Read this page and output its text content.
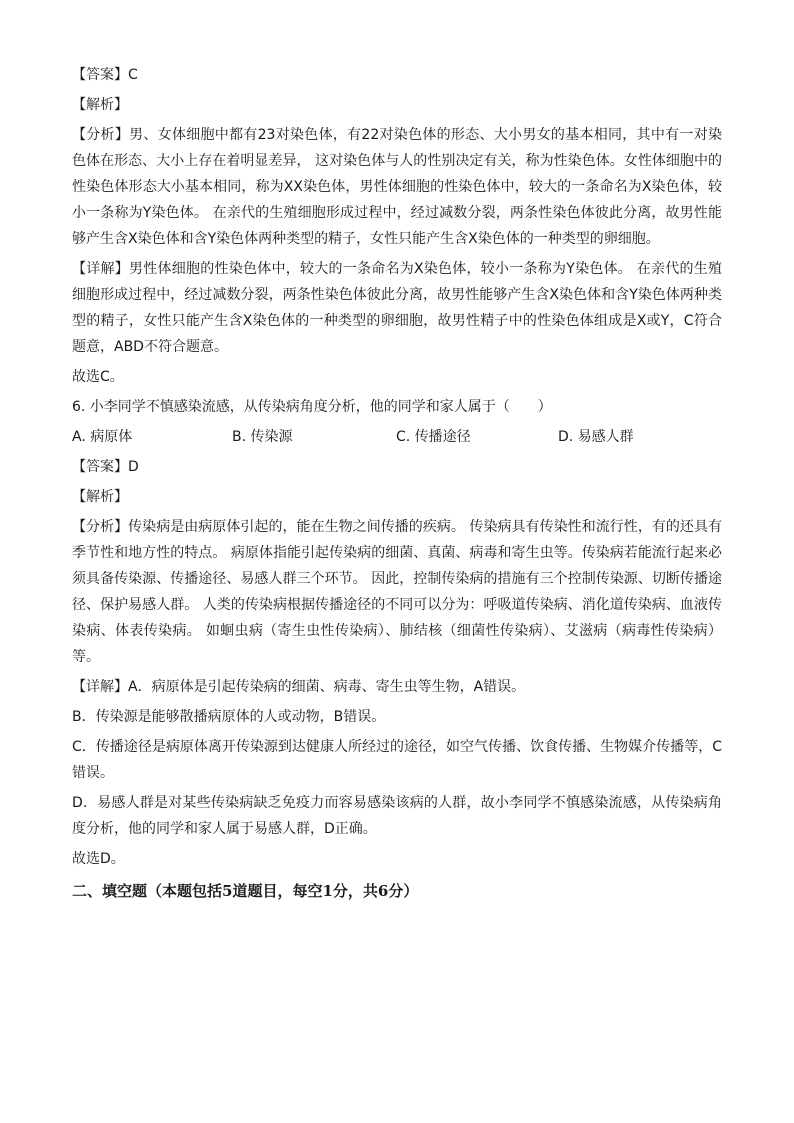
【答案】C

【解析】

【分析】男、女体细胞中都有23对染色体，有22对染色体的形态、大小男女的基本相同，其中有一对染色体在形态、大小上存在着明显差异， 这对染色体与人的性别决定有关，称为性染色体。女性体细胞中的性染色体形态大小基本相同，称为XX染色体，男性体细胞的性染色体中，较大的一条命名为X染色体，较小一条称为Y染色体。 在亲代的生殖细胞形成过程中，经过减数分裂，两条性染色体彼此分离，故男性能够产生含X染色体和含Y染色体两种类型的精子，女性只能产生含X染色体的一种类型的卵细胞。

【详解】男性体细胞的性染色体中，较大的一条命名为X染色体，较小一条称为Y染色体。 在亲代的生殖细胞形成过程中，经过减数分裂，两条性染色体彼此分离，故男性能够产生含X染色体和含Y染色体两种类型的精子，女性只能产生含X染色体的一种类型的卵细胞，故男性精子中的性染色体组成是X或Y，C符合题意，ABD不符合题意。

故选C。

6. 小李同学不慎感染流感，从传染病角度分析，他的同学和家人属于（　　）

A. 病原体	B. 传染源	C. 传播途径	D. 易感人群

【答案】D

【解析】

【分析】传染病是由病原体引起的，能在生物之间传播的疾病。 传染病具有传染性和流行性，有的还具有季节性和地方性的特点。 病原体指能引起传染病的细菌、真菌、病毒和寄生虫等。传染病若能流行起来必须具备传染源、传播途径、易感人群三个环节。 因此，控制传染病的措施有三个控制传染源、切断传播途径、保护易感人群。 人类的传染病根据传播途径的不同可以分为：呼吸道传染病、消化道传染病、血液传染病、体表传染病。 如蛔虫病（寄生虫性传染病）、肺结核（细菌性传染病）、艾滋病（病毒性传染病）等。

【详解】A．病原体是引起传染病的细菌、病毒、寄生虫等生物，A错误。

B．传染源是能够散播病原体的人或动物，B错误。

C．传播途径是病原体离开传染源到达健康人所经过的途径，如空气传播、饮食传播、生物媒介传播等，C错误。

D．易感人群是对某些传染病缺乏免疫力而容易感染该病的人群，故小李同学不慎感染流感，从传染病角度分析，他的同学和家人属于易感人群，D正确。

故选D。

二、填空题（本题包括5道题目，每空1分，共6分）
